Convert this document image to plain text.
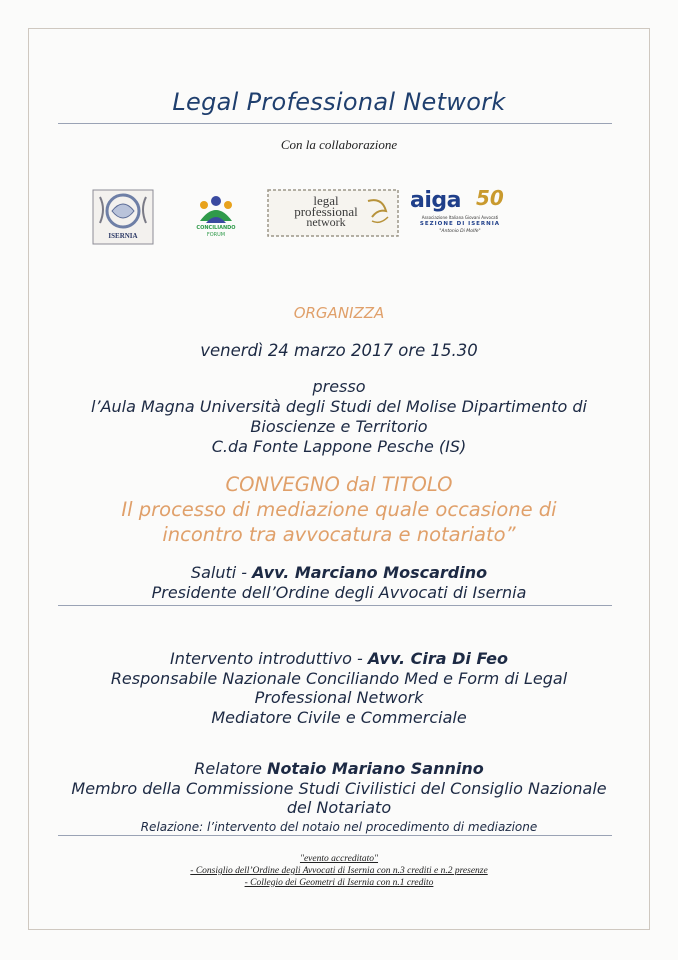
Legal Professional Network
Con la collaborazione
ISERNIA
CONCILIANDO
FORUM
legal
professional
network
aiga 50
Associazione Italiana Giovani Avvocati
SEZIONE DI ISERNIA
"Antonio Di Molfe"
ORGANIZZA
venerdì 24 marzo 2017 ore 15.30
presso
l’Aula Magna Università degli Studi del Molise Dipartimento di
Bioscienze e Territorio
C.da Fonte Lappone Pesche (IS)
CONVEGNO dal TITOLO
Il processo di mediazione quale occasione di
incontro tra avvocatura e notariato”
Saluti - Avv. Marciano Moscardino
Presidente dell’Ordine degli Avvocati di Isernia
Intervento introduttivo - Avv. Cira Di Feo
Responsabile Nazionale Conciliando Med e Form di Legal
Professional Network
Mediatore Civile e Commerciale
Relatore Notaio Mariano Sannino
Membro della Commissione Studi Civilistici del Consiglio Nazionale
del Notariato
Relazione: l’intervento del notaio nel procedimento di mediazione
"evento accreditato"
- Consiglio dell’Ordine degli Avvocati di Isernia con n.3 crediti e n.2 presenze
- Collegio dei Geometri di Isernia con n.1 credito
